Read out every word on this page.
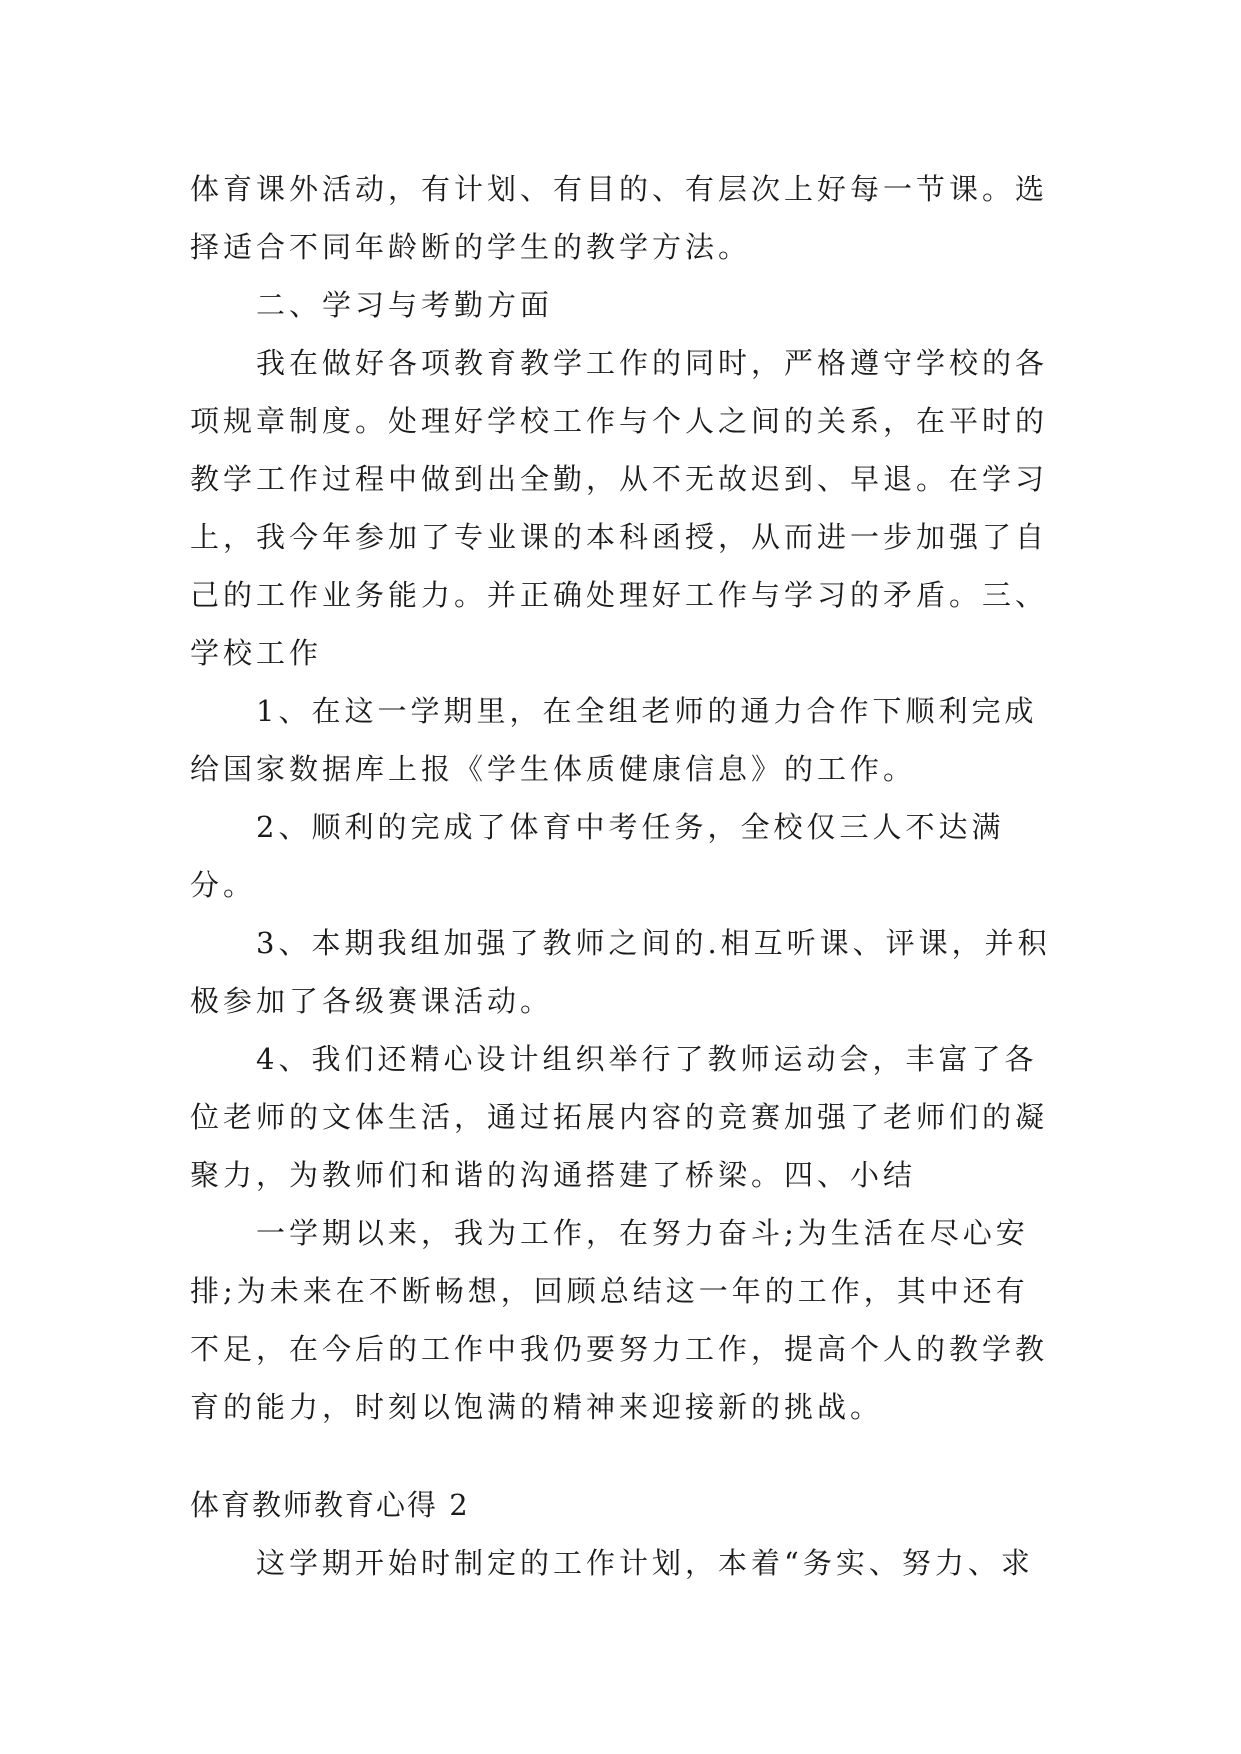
体育课外活动，有计划、有目的、有层次上好每一节课。选择适合不同年龄断的学生的教学方法。

二、学习与考勤方面

我在做好各项教育教学工作的同时，严格遵守学校的各项规章制度。处理好学校工作与个人之间的关系，在平时的教学工作过程中做到出全勤，从不无故迟到、早退。在学习上，我今年参加了专业课的本科函授，从而进一步加强了自己的工作业务能力。并正确处理好工作与学习的矛盾。三、学校工作

1、在这一学期里，在全组老师的通力合作下顺利完成给国家数据库上报《学生体质健康信息》的工作。

2、顺利的完成了体育中考任务，全校仅三人不达满分。

3、本期我组加强了教师之间的.相互听课、评课，并积极参加了各级赛课活动。

4、我们还精心设计组织举行了教师运动会，丰富了各位老师的文体生活，通过拓展内容的竞赛加强了老师们的凝聚力，为教师们和谐的沟通搭建了桥梁。四、小结

一学期以来，我为工作，在努力奋斗;为生活在尽心安排;为未来在不断畅想，回顾总结这一年的工作，其中还有不足，在今后的工作中我仍要努力工作，提高个人的教学教育的能力，时刻以饱满的精神来迎接新的挑战。

体育教师教育心得 2

这学期开始时制定的工作计划，本着“务实、努力、求
